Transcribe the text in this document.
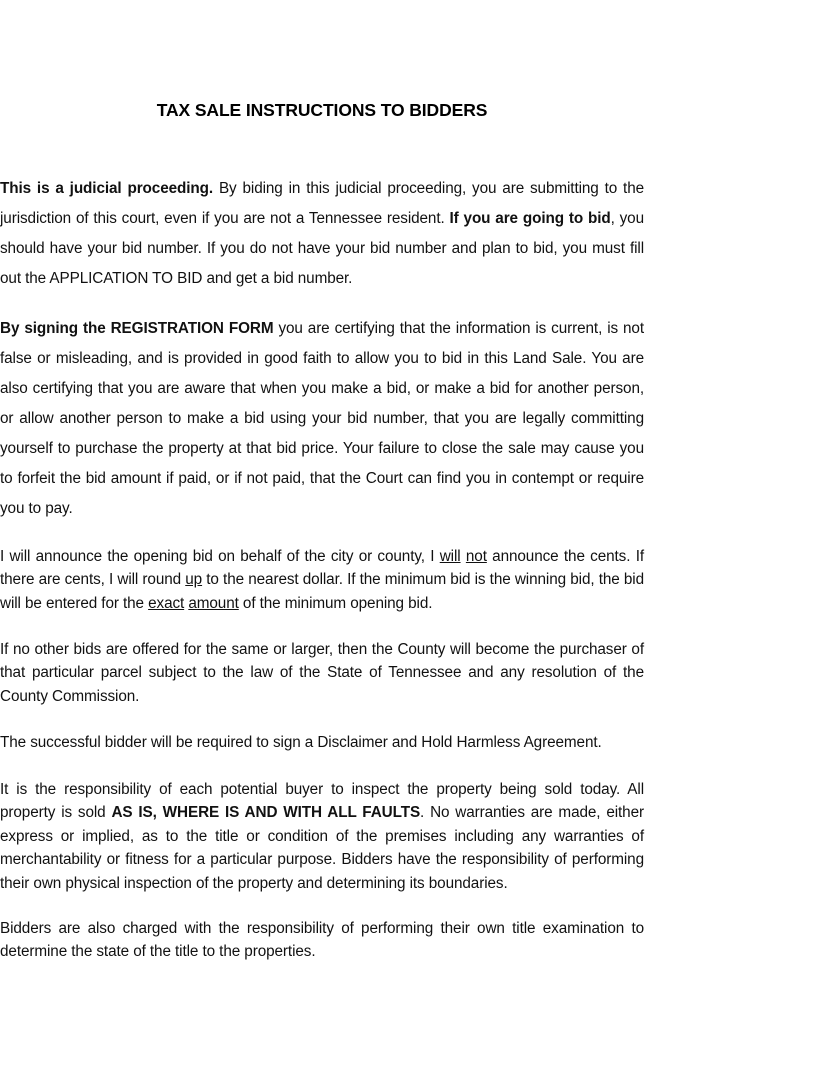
TAX SALE INSTRUCTIONS TO BIDDERS

This is a judicial proceeding. By biding in this judicial proceeding, you are submitting to the jurisdiction of this court, even if you are not a Tennessee resident. If you are going to bid, you should have your bid number. If you do not have your bid number and plan to bid, you must fill out the APPLICATION TO BID and get a bid number.

By signing the REGISTRATION FORM you are certifying that the information is current, is not false or misleading, and is provided in good faith to allow you to bid in this Land Sale. You are also certifying that you are aware that when you make a bid, or make a bid for another person, or allow another person to make a bid using your bid number, that you are legally committing yourself to purchase the property at that bid price. Your failure to close the sale may cause you to forfeit the bid amount if paid, or if not paid, that the Court can find you in contempt or require you to pay.

I will announce the opening bid on behalf of the city or county, I will not announce the cents. If there are cents, I will round up to the nearest dollar. If the minimum bid is the winning bid, the bid will be entered for the exact amount of the minimum opening bid.

If no other bids are offered for the same or larger, then the County will become the purchaser of that particular parcel subject to the law of the State of Tennessee and any resolution of the County Commission.

The successful bidder will be required to sign a Disclaimer and Hold Harmless Agreement.

It is the responsibility of each potential buyer to inspect the property being sold today. All property is sold AS IS, WHERE IS AND WITH ALL FAULTS. No warranties are made, either express or implied, as to the title or condition of the premises including any warranties of merchantability or fitness for a particular purpose. Bidders have the responsibility of performing their own physical inspection of the property and determining its boundaries.

Bidders are also charged with the responsibility of performing their own title examination to determine the state of the title to the properties.
